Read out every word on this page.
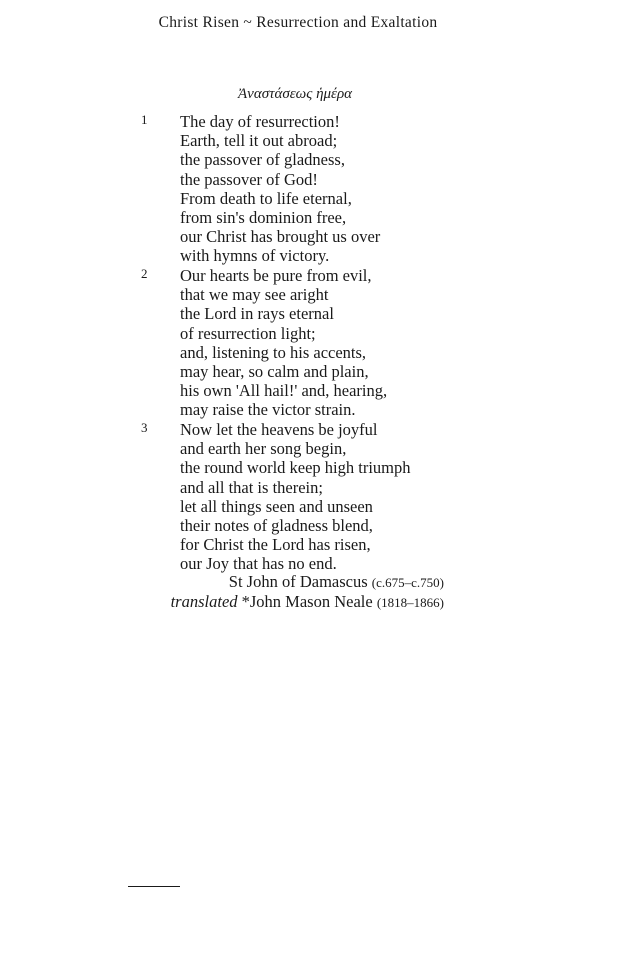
Christ Risen ~ Resurrection and Exaltation
Ἀναστάσεως ἡμέρα
1 The day of resurrection!
Earth, tell it out abroad;
the passover of gladness,
the passover of God!
From death to life eternal,
from sin's dominion free,
our Christ has brought us over
with hymns of victory.
2 Our hearts be pure from evil,
that we may see aright
the Lord in rays eternal
of resurrection light;
and, listening to his accents,
may hear, so calm and plain,
his own 'All hail!' and, hearing,
may raise the victor strain.
3 Now let the heavens be joyful
and earth her song begin,
the round world keep high triumph
and all that is therein;
let all things seen and unseen
their notes of gladness blend,
for Christ the Lord has risen,
our Joy that has no end.
St John of Damascus (c.675–c.750)
translated *John Mason Neale (1818–1866)
